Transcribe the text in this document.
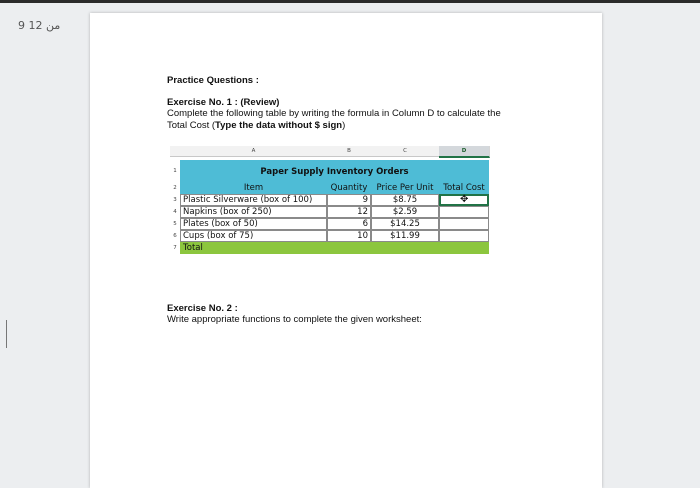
9 من 12
Practice Questions :
Exercise No. 1 : (Review)
Complete the following table by writing the formula in Column D to calculate the
Total Cost (Type the data without $ sign)
A	B	C	D
1
2
3
4
5
6
7
Paper Supply Inventory Orders
Item	Quantity	Price Per Unit	Total Cost
Plastic Silverware (box of 100)	9	$8.75
Napkins (box of 250)	12	$2.59
Plates (box of 50)	6	$14.25
Cups (box of 75)	10	$11.99
Total
✥
Exercise No. 2 :
Write appropriate functions to complete the given worksheet:
